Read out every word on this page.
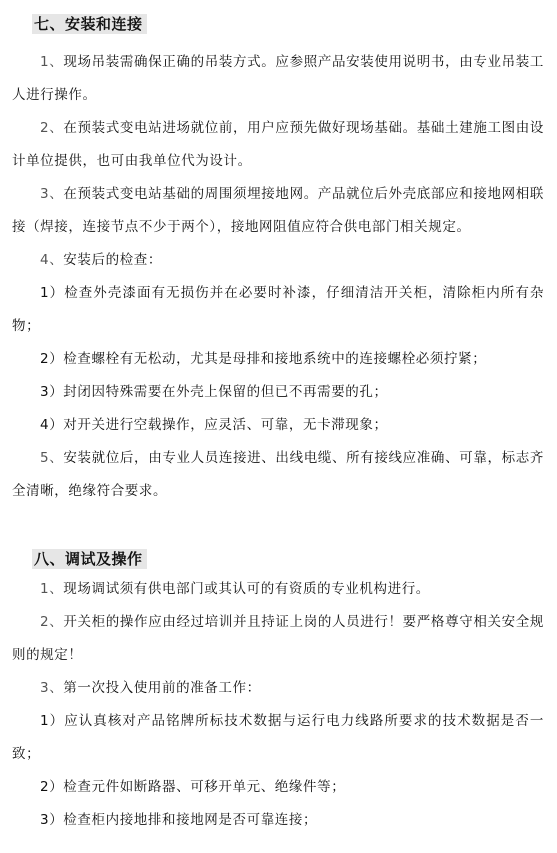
七、安装和连接

1、现场吊装需确保正确的吊装方式。应参照产品安装使用说明书，由专业吊装工人进行操作。

2、在预装式变电站进场就位前，用户应预先做好现场基础。基础土建施工图由设计单位提供，也可由我单位代为设计。

3、在预装式变电站基础的周围须埋接地网。产品就位后外壳底部应和接地网相联接（焊接，连接节点不少于两个），接地网阻值应符合供电部门相关规定。

4、安装后的检查：

1）检查外壳漆面有无损伤并在必要时补漆，仔细清洁开关柜，清除柜内所有杂物；

2）检查螺栓有无松动，尤其是母排和接地系统中的连接螺栓必须拧紧；

3）封闭因特殊需要在外壳上保留的但已不再需要的孔；

4）对开关进行空载操作，应灵活、可靠，无卡滞现象；

5、安装就位后，由专业人员连接进、出线电缆、所有接线应准确、可靠，标志齐全清晰，绝缘符合要求。

八、调试及操作

1、现场调试须有供电部门或其认可的有资质的专业机构进行。

2、开关柜的操作应由经过培训并且持证上岗的人员进行！要严格尊守相关安全规则的规定！

3、第一次投入使用前的准备工作：

1）应认真核对产品铭牌所标技术数据与运行电力线路所要求的技术数据是否一致；

2）检查元件如断路器、可移开单元、绝缘件等；

3）检查柜内接地排和接地网是否可靠连接；
